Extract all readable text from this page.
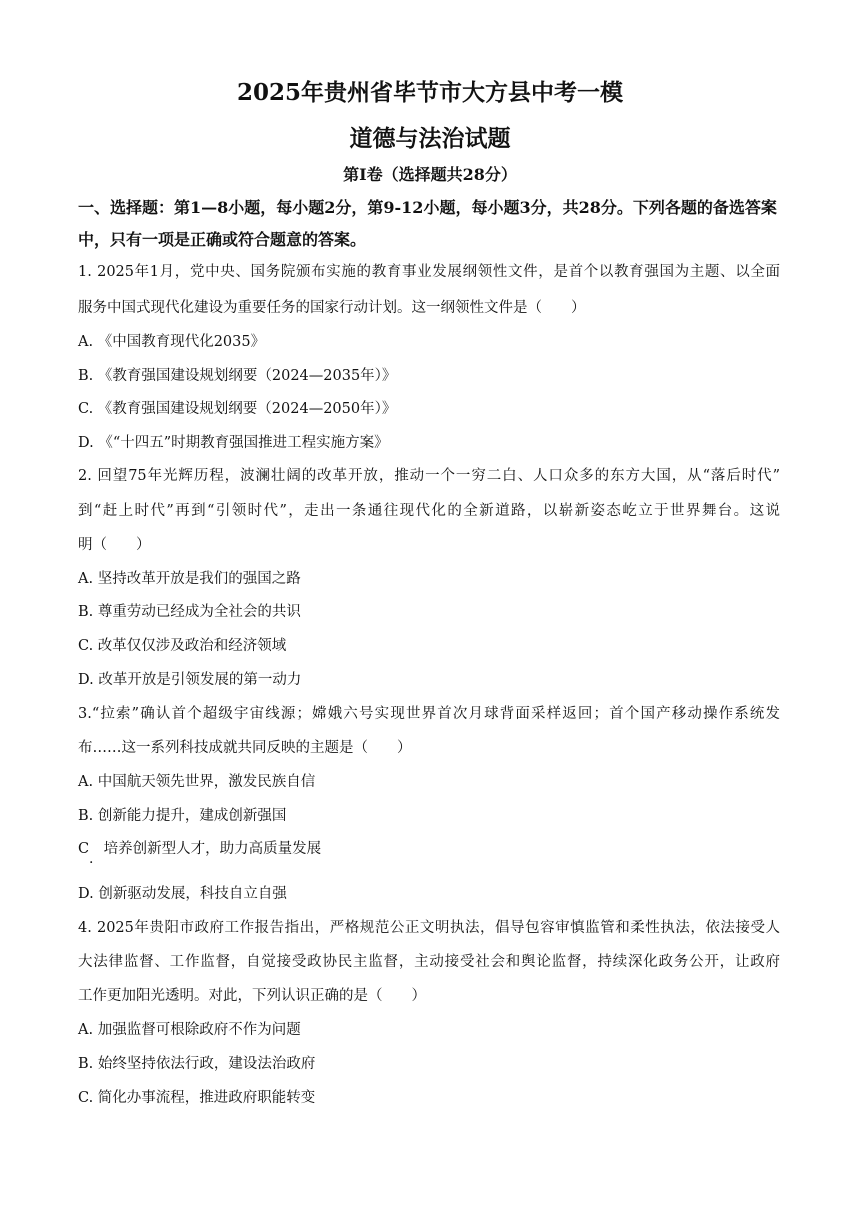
2025年贵州省毕节市大方县中考一模
道德与法治试题
第Ⅰ卷（选择题共28分）
一、选择题：第1—8小题，每小题2分，第9-12小题，每小题3分，共28分。下列各题的备选答案中，只有一项是正确或符合题意的答案。
1. 2025年1月，党中央、国务院颁布实施的教育事业发展纲领性文件，是首个以教育强国为主题、以全面
服务中国式现代化建设为重要任务的国家行动计划。这一纲领性文件是（　　）
A. 《中国教育现代化2035》
B. 《教育强国建设规划纲要（2024—2035年）》
C. 《教育强国建设规划纲要（2024—2050年）》
D. 《“十四五”时期教育强国推进工程实施方案》
2. 回望75年光辉历程，波澜壮阔的改革开放，推动一个一穷二白、人口众多的东方大国，从“落后时代”
到“赶上时代”再到“引领时代”，走出一条通往现代化的全新道路，以崭新姿态屹立于世界舞台。这说
明（　　）
A. 坚持改革开放是我们的强国之路
B. 尊重劳动已经成为全社会的共识
C. 改革仅仅涉及政治和经济领域
D. 改革开放是引领发展的第一动力
3.“拉索”确认首个超级宇宙线源；嫦娥六号实现世界首次月球背面采样返回；首个国产移动操作系统发
布……这一系列科技成就共同反映的主题是（　　）
A. 中国航天领先世界，激发民族自信
B. 创新能力提升，建成创新强国
C　培养创新型人才，助力高质量发展
·
D. 创新驱动发展，科技自立自强
4. 2025年贵阳市政府工作报告指出，严格规范公正文明执法，倡导包容审慎监管和柔性执法，依法接受人
大法律监督、工作监督，自觉接受政协民主监督，主动接受社会和舆论监督，持续深化政务公开，让政府
工作更加阳光透明。对此，下列认识正确的是（　　）
A. 加强监督可根除政府不作为问题
B. 始终坚持依法行政，建设法治政府
C. 简化办事流程，推进政府职能转变
